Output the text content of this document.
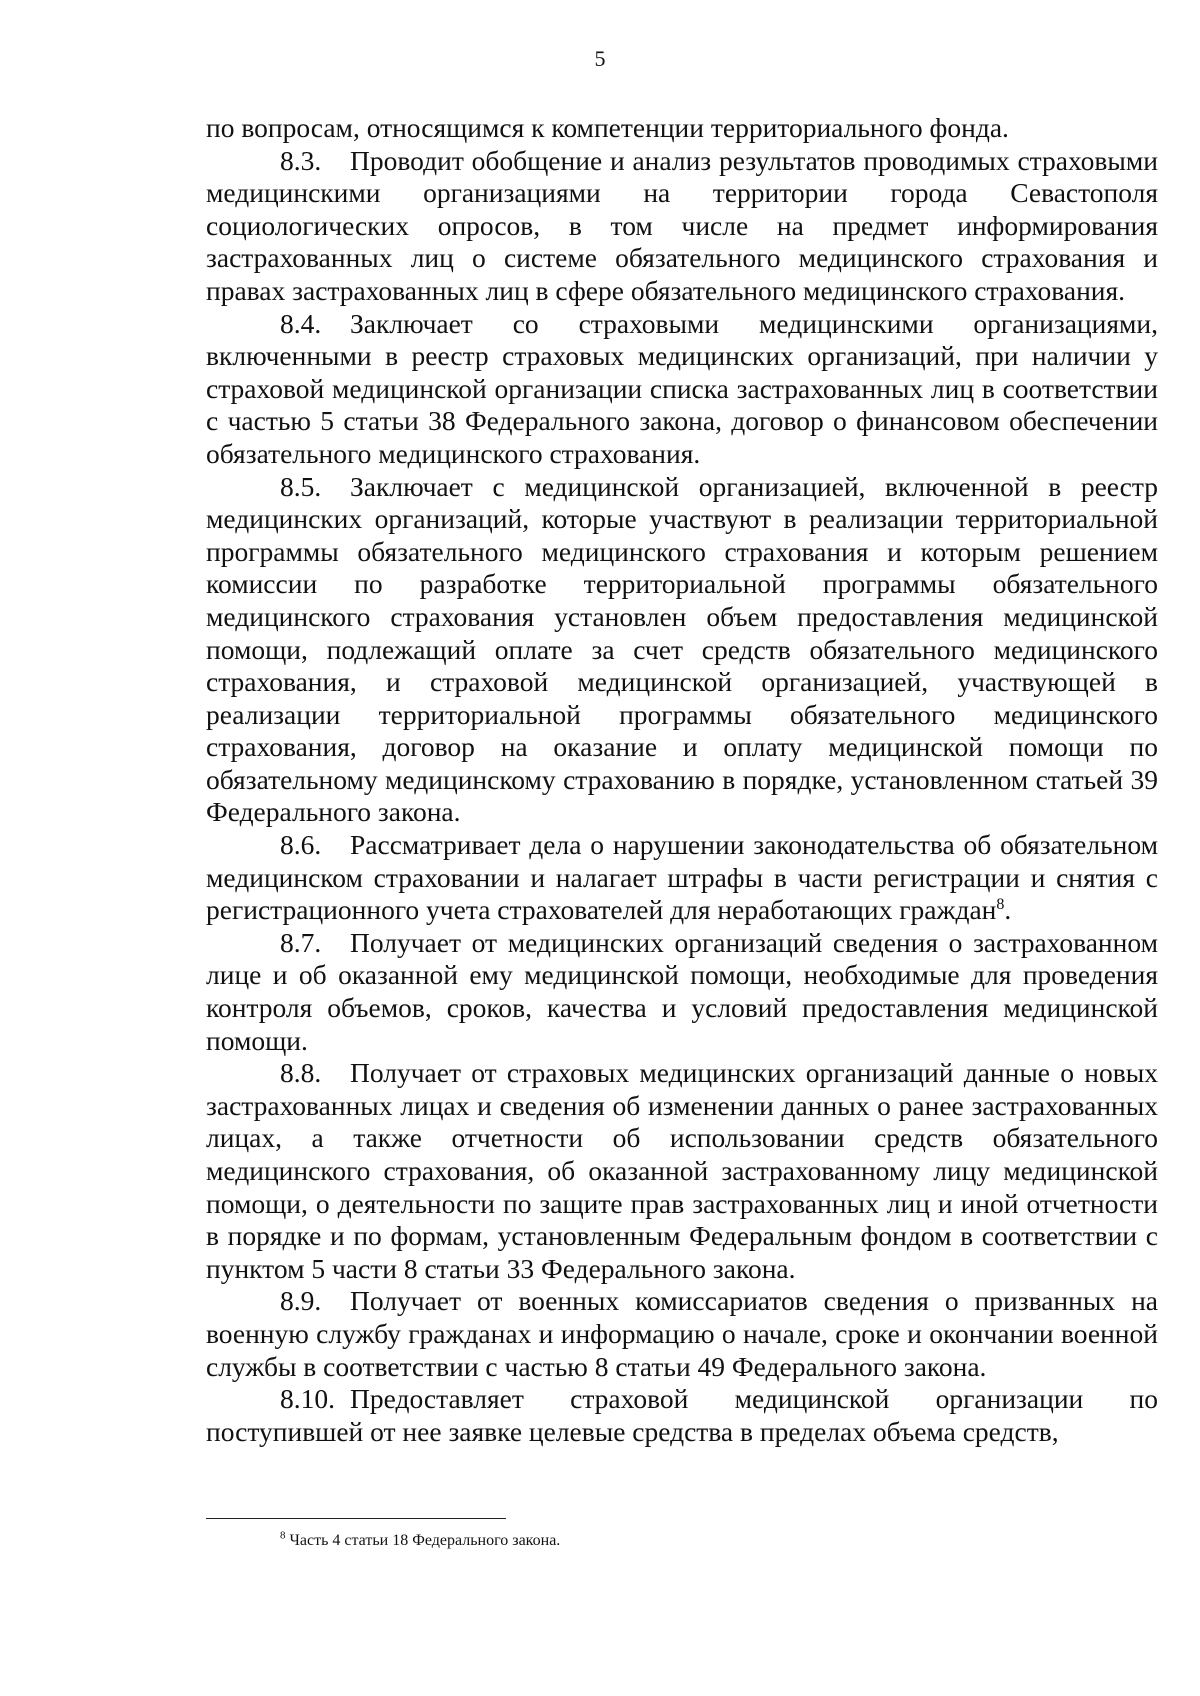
5

по вопросам, относящимся к компетенции территориального фонда.

8.3. Проводит обобщение и анализ результатов проводимых страховыми медицинскими организациями на территории города Севастополя социологических опросов, в том числе на предмет информирования застрахованных лиц о системе обязательного медицинского страхования и правах застрахованных лиц в сфере обязательного медицинского страхования.

8.4. Заключает со страховыми медицинскими организациями, включенными в реестр страховых медицинских организаций, при наличии у страховой медицинской организации списка застрахованных лиц в соответствии с частью 5 статьи 38 Федерального закона, договор о финансовом обеспечении обязательного медицинского страхования.

8.5. Заключает с медицинской организацией, включенной в реестр медицинских организаций, которые участвуют в реализации территориальной программы обязательного медицинского страхования и которым решением комиссии по разработке территориальной программы обязательного медицинского страхования установлен объем предоставления медицинской помощи, подлежащий оплате за счет средств обязательного медицинского страхования, и страховой медицинской организацией, участвующей в реализации территориальной программы обязательного медицинского страхования, договор на оказание и оплату медицинской помощи по обязательному медицинскому страхованию в порядке, установленном статьей 39 Федерального закона.

8.6. Рассматривает дела о нарушении законодательства об обязательном медицинском страховании и налагает штрафы в части регистрации и снятия с регистрационного учета страхователей для неработающих граждан$^8$.

8.7. Получает от медицинских организаций сведения о застрахованном лице и об оказанной ему медицинской помощи, необходимые для проведения контроля объемов, сроков, качества и условий предоставления медицинской помощи.

8.8. Получает от страховых медицинских организаций данные о новых застрахованных лицах и сведения об изменении данных о ранее застрахованных лицах, а также отчетности об использовании средств обязательного медицинского страхования, об оказанной застрахованному лицу медицинской помощи, о деятельности по защите прав застрахованных лиц и иной отчетности в порядке и по формам, установленным Федеральным фондом в соответствии с пунктом 5 части 8 статьи 33 Федерального закона.

8.9. Получает от военных комиссариатов сведения о призванных на военную службу гражданах и информацию о начале, сроке и окончании военной службы в соответствии с частью 8 статьи 49 Федерального закона.

8.10. Предоставляет страховой медицинской организации по поступившей от нее заявке целевые средства в пределах объема средств,

$^8$ Часть 4 статьи 18 Федерального закона.
